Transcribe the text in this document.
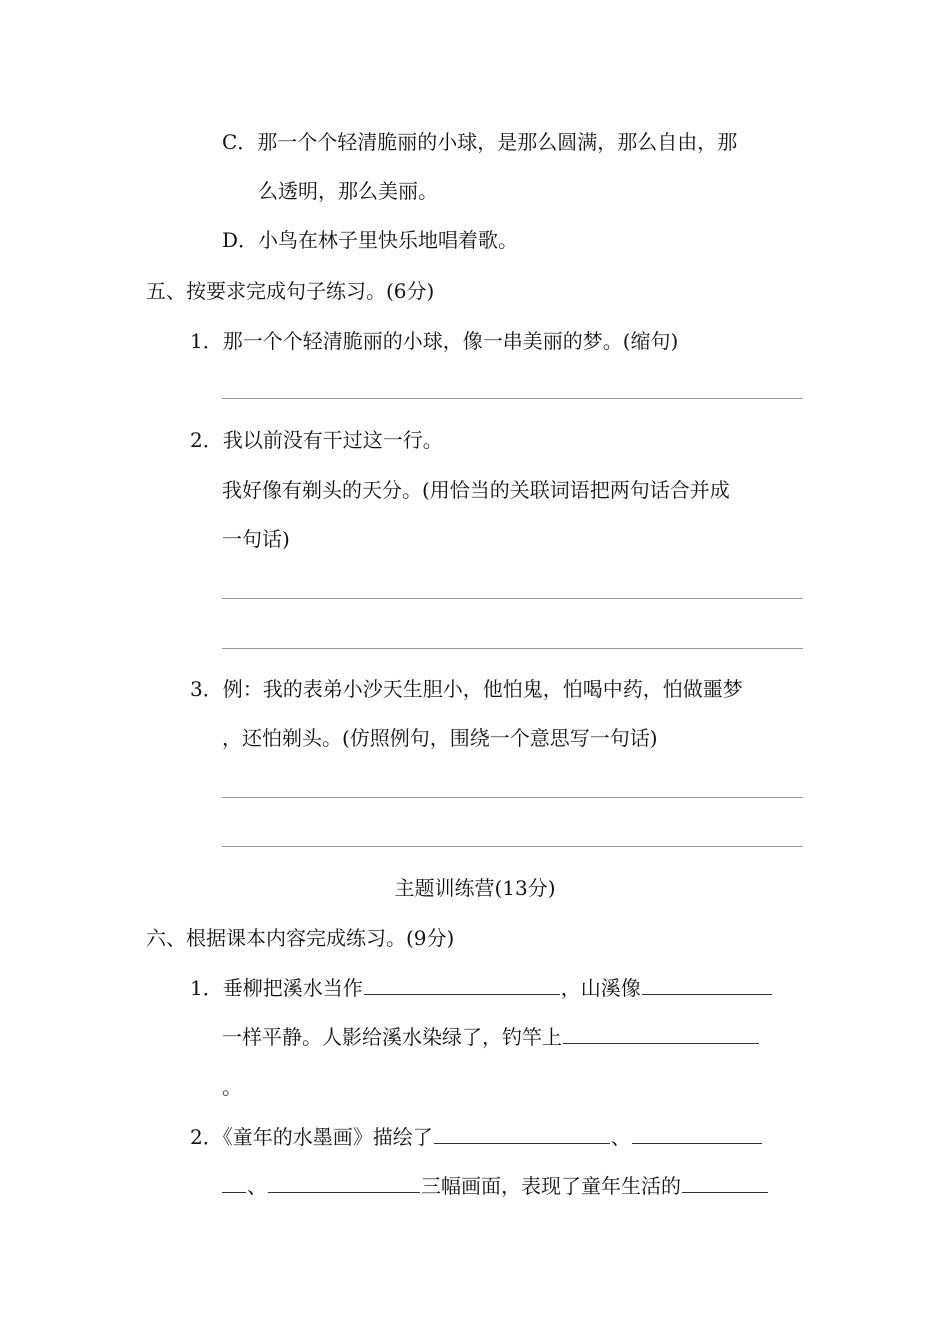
C．那一个个轻清脆丽的小球，是那么圆满，那么自由，那
么透明，那么美丽。
D．小鸟在林子里快乐地唱着歌。
五、按要求完成句子练习。(6分)
1．那一个个轻清脆丽的小球，像一串美丽的梦。(缩句)
2．我以前没有干过这一行。
我好像有剃头的天分。(用恰当的关联词语把两句话合并成
一句话)
3．例：我的表弟小沙天生胆小，他怕鬼，怕喝中药，怕做噩梦
，还怕剃头。(仿照例句，围绕一个意思写一句话)
主题训练营(13分)
六、根据课本内容完成练习。(9分)
1．垂柳把溪水当作	，山溪像
一样平静。人影给溪水染绿了，钓竿上
。
2．《童年的水墨画》描绘了	、
、	三幅画面，表现了童年生活的
